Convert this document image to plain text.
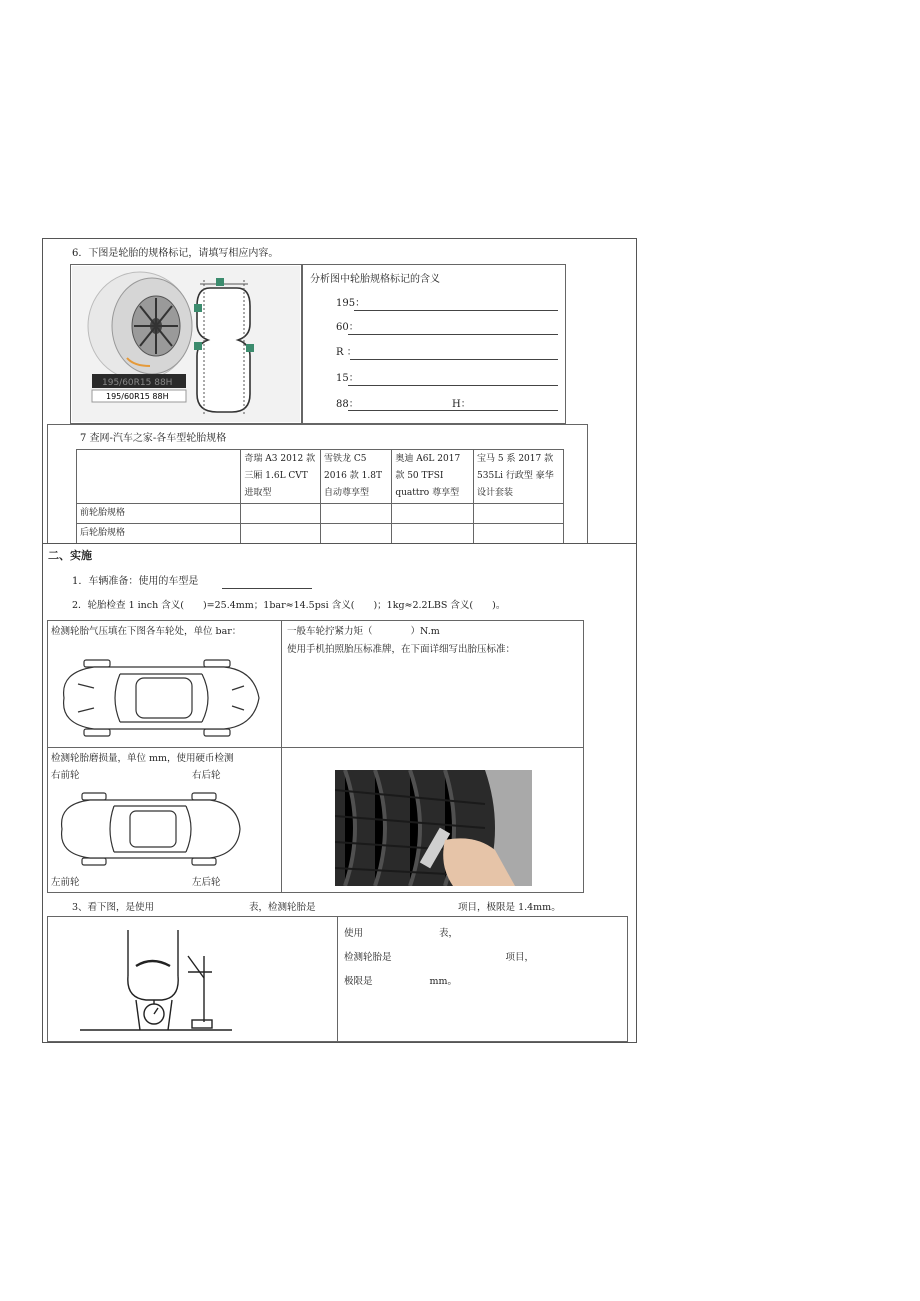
6．下图是轮胎的规格标记，请填写相应内容。
195/60R15 88H
195/60R15 88H
分析图中轮胎规格标记的含义
195：
60：
R ：
15：
88：	H：
7 查网-汽车之家-各车型轮胎规格
	奇瑞 A3 2012 款 三厢 1.6L CVT 进取型	雪铁龙 C5 2016 款 1.8T 自动尊享型	奥迪 A6L 2017 款 50 TFSI quattro 尊享型	宝马 5 系 2017 款 535Li 行政型 豪华设计套装
前轮胎规格				
后轮胎规格				
二、实施
1．车辆准备：使用的车型是
2．轮胎检查 1 inch 含义(　　)=25.4mm；1bar≈14.5psi 含义(　　)；1kg≈2.2LBS 含义(　　)。
检测轮胎气压填在下图各车轮处，单位 bar：	一般车轮拧紧力矩（　　　　）N.m
使用手机拍照胎压标准牌，在下面详细写出胎压标准：
检测轮胎磨损量，单位 mm，使用硬币检测
右前轮	右后轮
左前轮	左后轮
3、看下图，是使用　　　　　　　　　　表，检测轮胎是　　　　　　　　　　　　　　　项目，极限是 1.4mm。
使用　　　　　　　　表，
检测轮胎是　　　　　　　　　　　　项目，
极限是　　　　　　mm。
